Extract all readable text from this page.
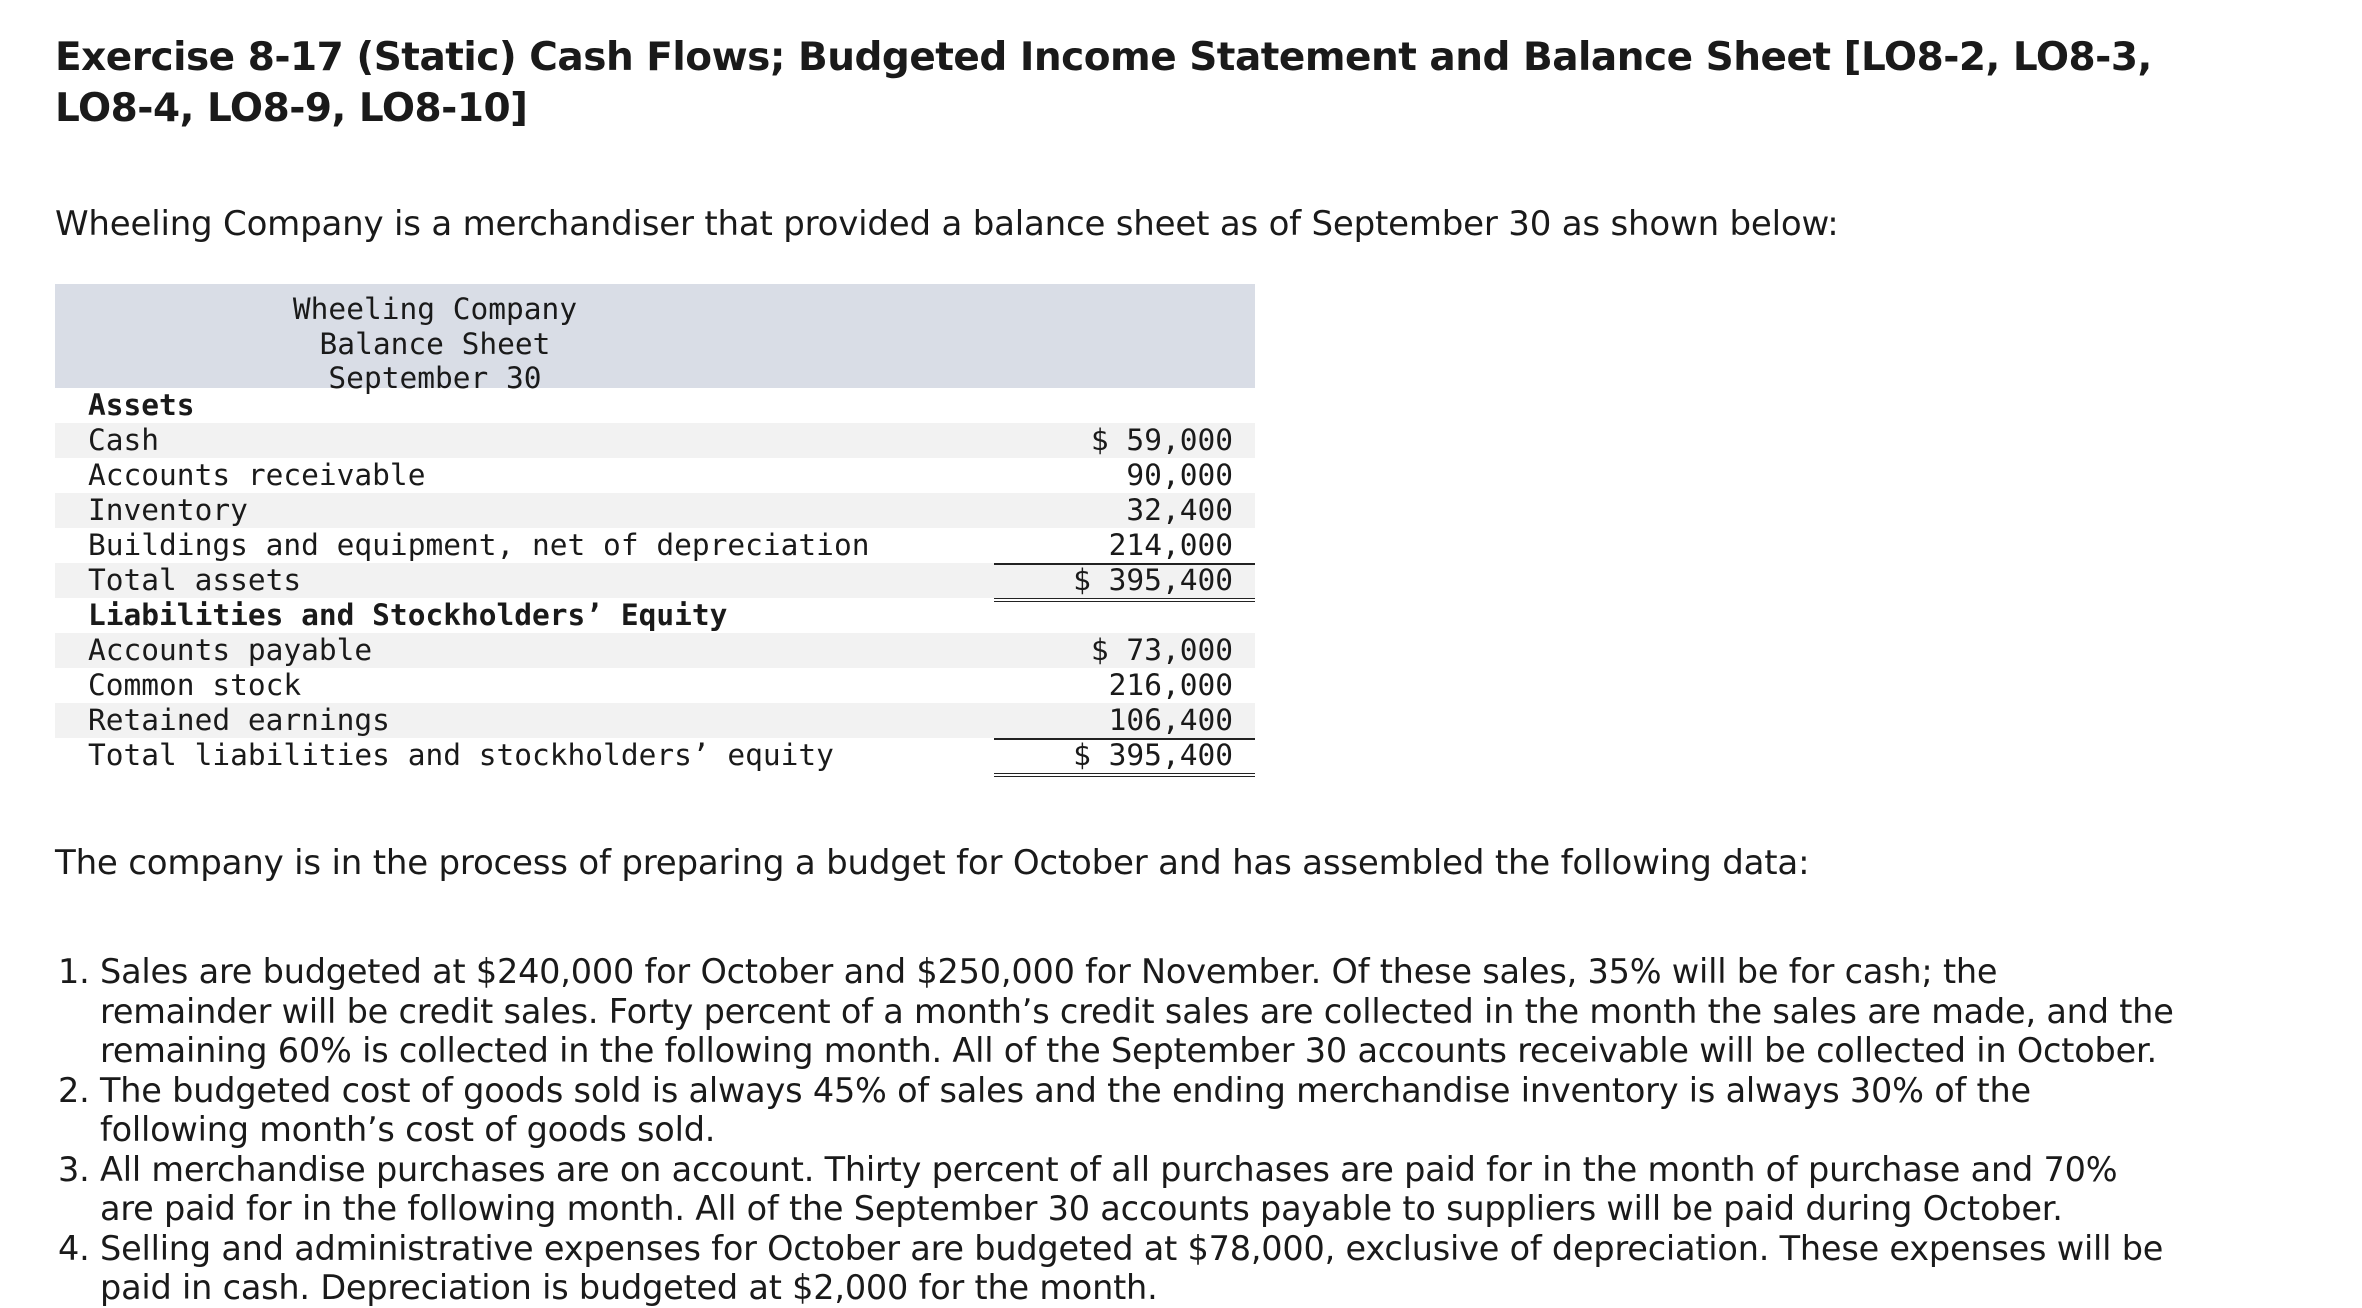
Exercise 8-17 (Static) Cash Flows; Budgeted Income Statement and Balance Sheet [LO8-2, LO8-3, LO8-4, LO8-9, LO8-10]
Wheeling Company is a merchandiser that provided a balance sheet as of September 30 as shown below:
Wheeling Company
Balance Sheet
September 30
Assets
Cash	$ 59,000
Accounts receivable	90,000
Inventory	32,400
Buildings and equipment, net of depreciation	214,000
Total assets	$ 395,400
Liabilities and Stockholders’ Equity
Accounts payable	$ 73,000
Common stock	216,000
Retained earnings	106,400
Total liabilities and stockholders’ equity	$ 395,400
The company is in the process of preparing a budget for October and has assembled the following data:
1. Sales are budgeted at $240,000 for October and $250,000 for November. Of these sales, 35% will be for cash; the remainder will be credit sales. Forty percent of a month’s credit sales are collected in the month the sales are made, and the remaining 60% is collected in the following month. All of the September 30 accounts receivable will be collected in October.
2. The budgeted cost of goods sold is always 45% of sales and the ending merchandise inventory is always 30% of the following month’s cost of goods sold.
3. All merchandise purchases are on account. Thirty percent of all purchases are paid for in the month of purchase and 70% are paid for in the following month. All of the September 30 accounts payable to suppliers will be paid during October.
4. Selling and administrative expenses for October are budgeted at $78,000, exclusive of depreciation. These expenses will be paid in cash. Depreciation is budgeted at $2,000 for the month.
